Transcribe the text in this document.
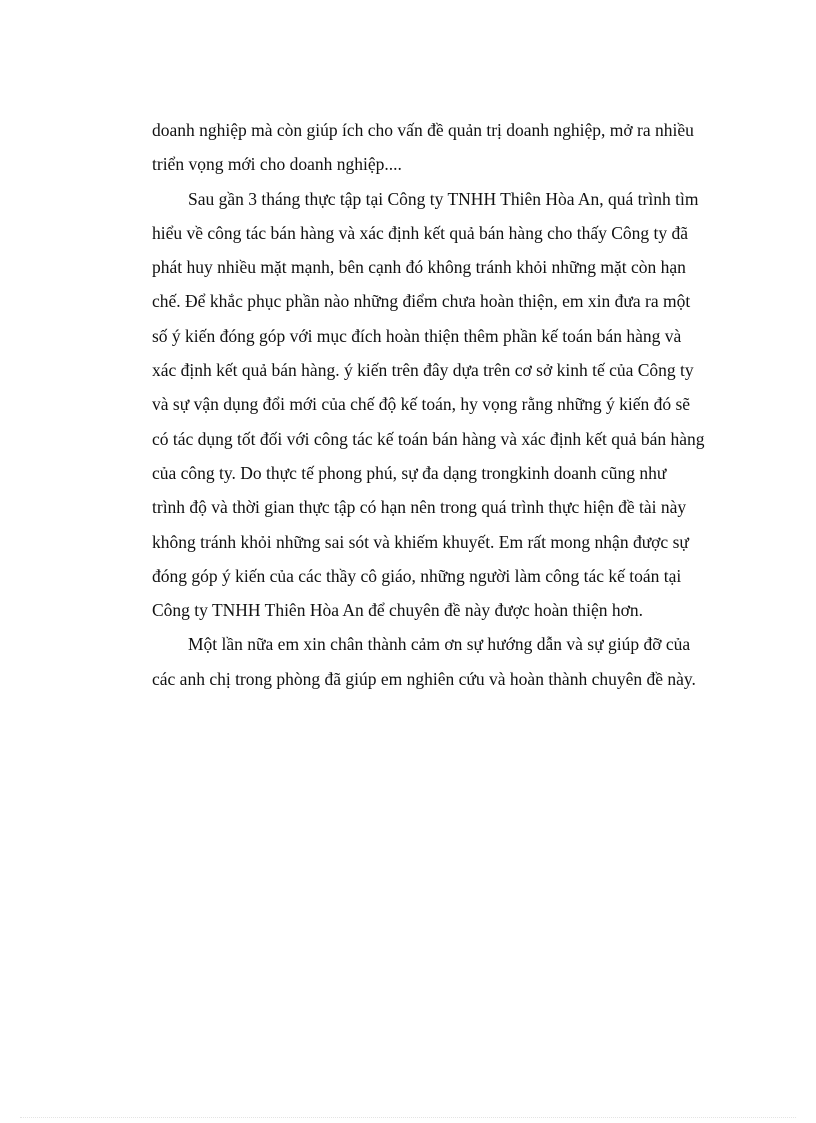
doanh nghiệp mà còn giúp ích cho vấn đề quản trị doanh nghiệp, mở ra nhiều
triển vọng mới cho doanh nghiệp....

Sau gần 3 tháng thực tập tại Công ty TNHH Thiên Hòa An, quá trình tìm
hiểu về công tác bán hàng và xác định kết quả bán hàng cho thấy Công ty đã
phát huy nhiều mặt mạnh, bên cạnh đó không tránh khỏi những mặt còn hạn
chế. Để khắc phục phần nào những điểm chưa hoàn thiện, em xin đưa ra một
số ý kiến đóng góp với mục đích hoàn thiện thêm phần kế toán bán hàng và
xác định kết quả bán hàng. ý kiến trên đây dựa trên cơ sở kinh tế của Công ty
và sự vận dụng đổi mới của chế độ kế toán, hy vọng rằng những ý kiến đó sẽ
có tác dụng tốt đối với công tác kế toán bán hàng và xác định kết quả bán hàng
của công ty. Do thực tế phong phú, sự đa dạng trongkinh doanh cũng như
trình độ và thời gian thực tập có hạn nên trong quá trình thực hiện đề tài này
không tránh khỏi những sai sót và khiếm khuyết. Em rất mong nhận được sự
đóng góp ý kiến của các thầy cô giáo, những người làm công tác kế toán tại
Công ty TNHH Thiên Hòa An để chuyên đề này được hoàn thiện hơn.

Một lần nữa em xin chân thành cảm ơn sự hướng dẫn và sự giúp đỡ của
các anh chị trong phòng đã giúp em nghiên cứu và hoàn thành chuyên đề này.
